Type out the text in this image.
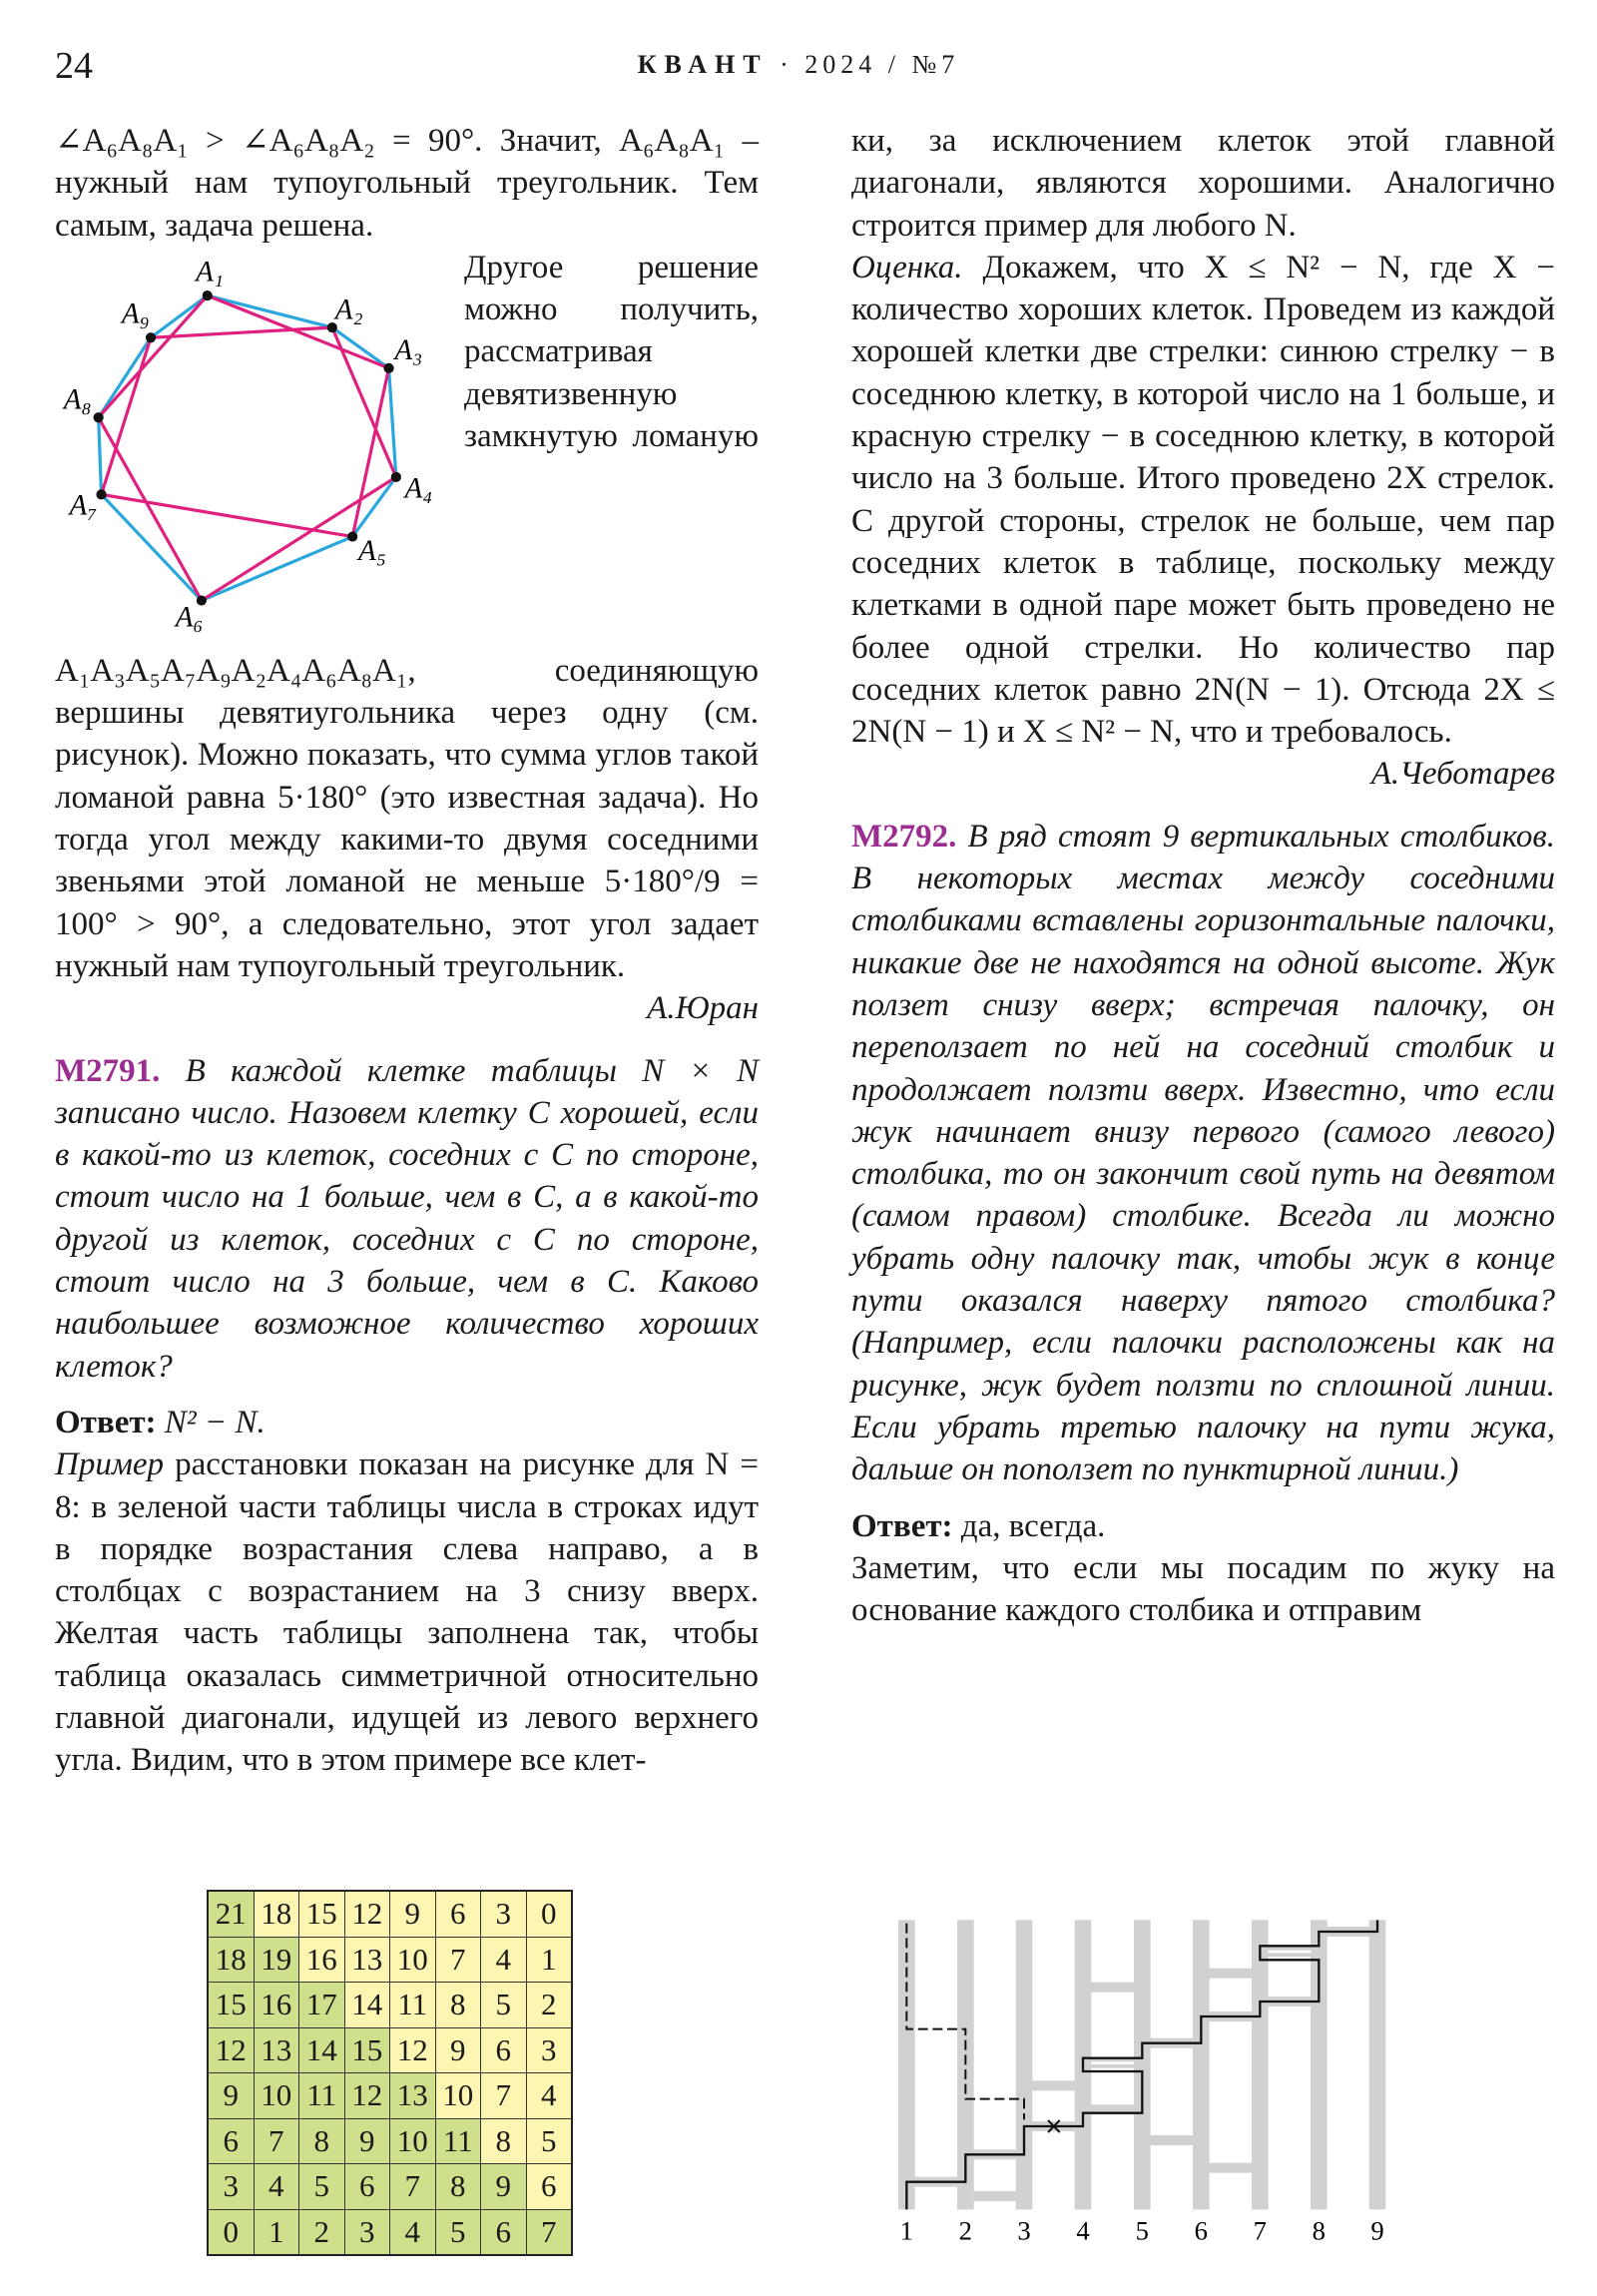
24	КВАНТ · 2024 / №7

∠A₆A₈A₁ > ∠A₆A₈A₂ = 90°. Значит, A₆A₈A₁ – нужный нам тупоугольный треугольник. Тем самым, задача решена.

A₁
A₂
A₃
A₄
A₅
A₆
A₇
A₈
A₉

Другое решение можно получить, рассматривая девятизвенную замкнутую ломаную A₁A₃A₅A₇A₉A₂A₄A₆A₈A₁, соединяющую вершины девятиугольника через одну (см. рисунок). Можно показать, что сумма углов такой ломаной равна 5·180° (это известная задача). Но тогда угол между какими-то двумя соседними звеньями этой ломаной не меньше 5·180°/9 = 100° > 90°, а следовательно, этот угол задает нужный нам тупоугольный треугольник.

А.Юран

М2791. В каждой клетке таблицы N × N записано число. Назовем клетку C хорошей, если в какой-то из клеток, соседних с C по стороне, стоит число на 1 больше, чем в C, а в какой-то другой из клеток, соседних с C по стороне, стоит число на 3 больше, чем в C. Каково наибольшее возможное количество хороших клеток?

Ответ: N² − N.

Пример расстановки показан на рисунке для N = 8: в зеленой части таблицы числа в строках идут в порядке возрастания слева направо, а в столбцах с возрастанием на 3 снизу вверх. Желтая часть таблицы заполнена так, чтобы таблица оказалась симметричной относительно главной диагонали, идущей из левого верхнего угла. Видим, что в этом примере все клет-

21	18	15	12	9	6	3	0
18	19	16	13	10	7	4	1
15	16	17	14	11	8	5	2
12	13	14	15	12	9	6	3
9	10	11	12	13	10	7	4
6	7	8	9	10	11	8	5
3	4	5	6	7	8	9	6
0	1	2	3	4	5	6	7

ки, за исключением клеток этой главной диагонали, являются хорошими. Аналогично строится пример для любого N.

Оценка. Докажем, что X ≤ N² − N, где X − количество хороших клеток. Проведем из каждой хорошей клетки две стрелки: синюю стрелку − в соседнюю клетку, в которой число на 1 больше, и красную стрелку − в соседнюю клетку, в которой число на 3 больше. Итого проведено 2X стрелок. С другой стороны, стрелок не больше, чем пар соседних клеток в таблице, поскольку между клетками в одной паре может быть проведено не более одной стрелки. Но количество пар соседних клеток равно 2N(N − 1). Отсюда 2X ≤ 2N(N − 1) и X ≤ N² − N, что и требовалось.

А.Чеботарев

М2792. В ряд стоят 9 вертикальных столбиков. В некоторых местах между соседними столбиками вставлены горизонтальные палочки, никакие две не находятся на одной высоте. Жук ползет снизу вверх; встречая палочку, он переползает по ней на соседний столбик и продолжает ползти вверх. Известно, что если жук начинает внизу первого (самого левого) столбика, то он закончит свой путь на девятом (самом правом) столбике. Всегда ли можно убрать одну палочку так, чтобы жук в конце пути оказался наверху пятого столбика? (Например, если палочки расположены как на рисунке, жук будет ползти по сплошной линии. Если убрать третью палочку на пути жука, дальше он поползет по пунктирной линии.)

Ответ: да, всегда.

Заметим, что если мы посадим по жуку на основание каждого столбика и отправим

1 2 3 4 5 6 7 8 9
